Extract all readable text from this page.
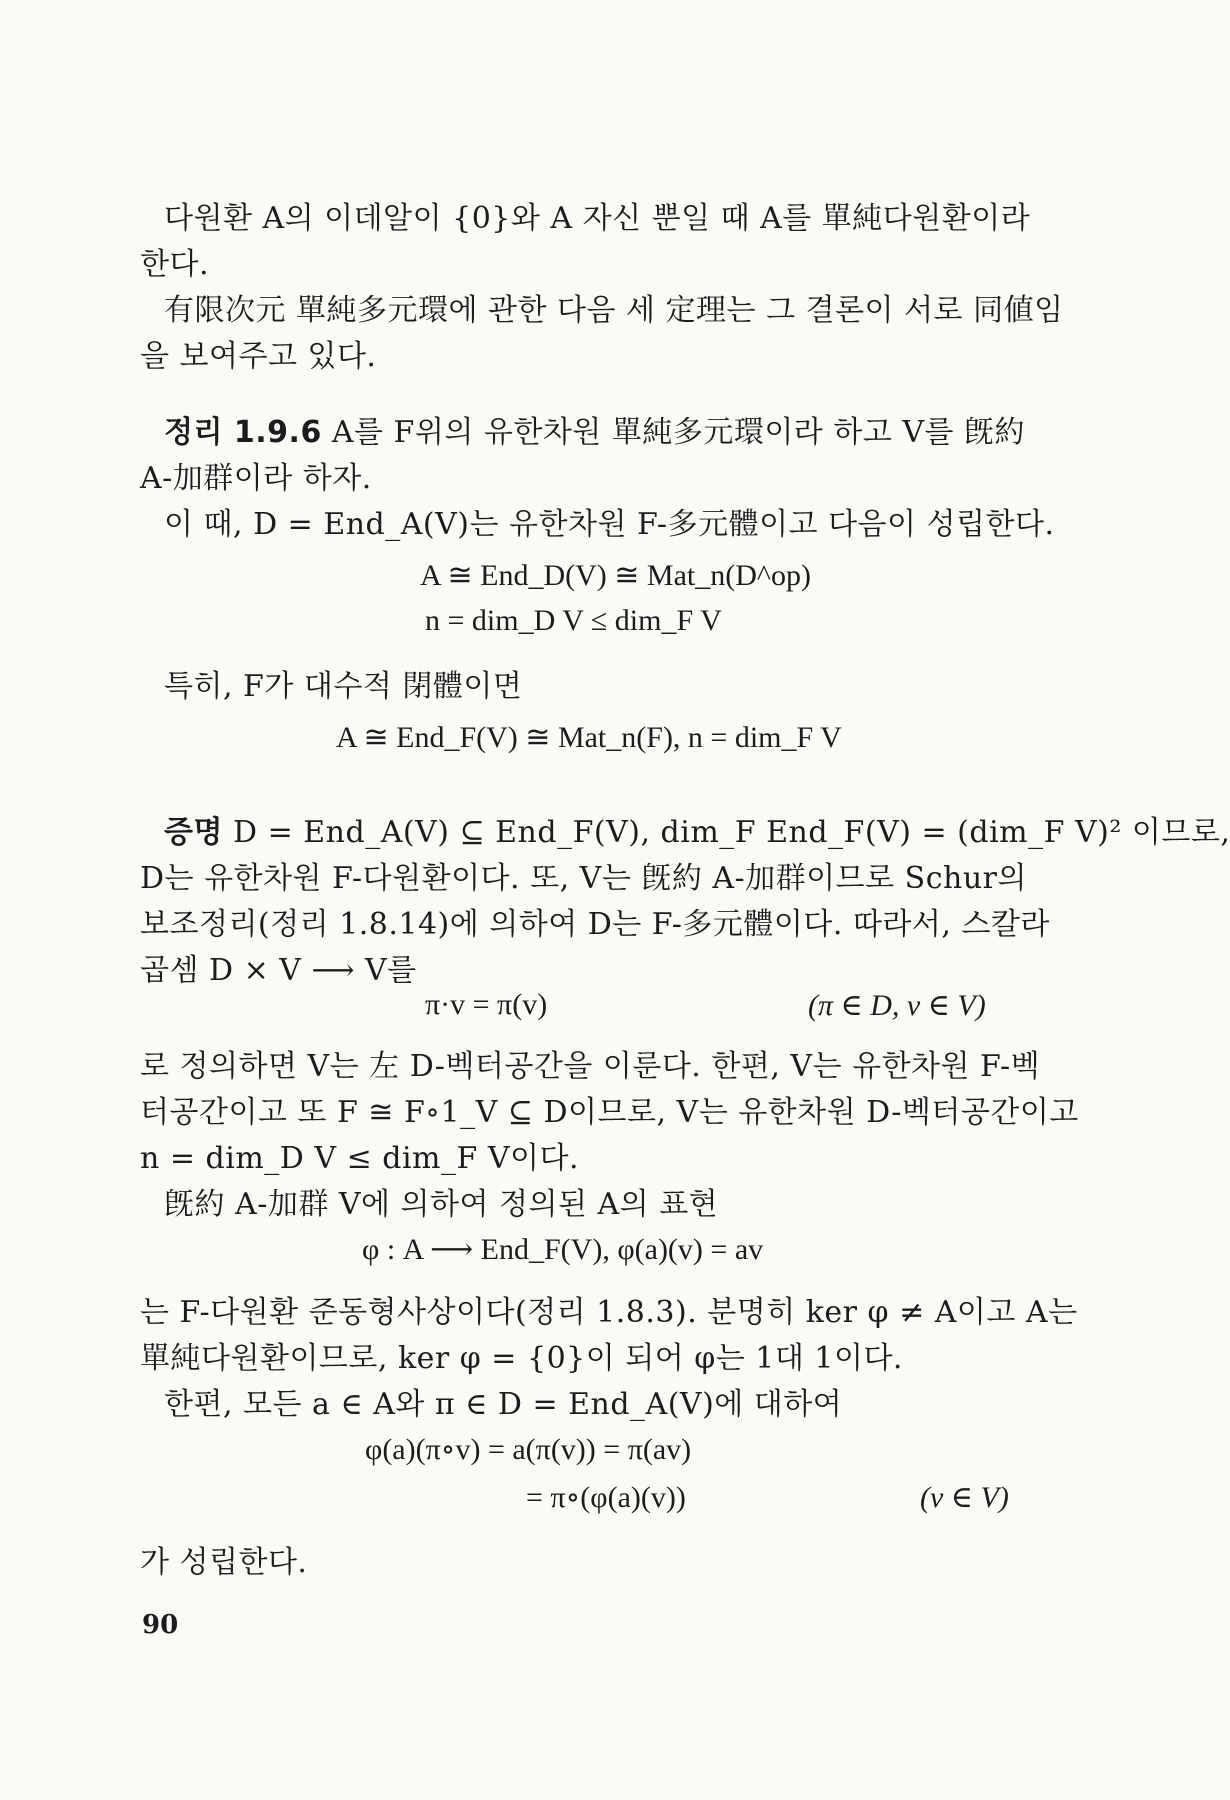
다원환 A의 이데알이 {0}와 A 자신 뿐일 때 A를 單純다원환이라
한다.
有限次元 單純多元環에 관한 다음 세 定理는 그 결론이 서로 同値임
을 보여주고 있다.
정리 1.9.6 A를 F위의 유한차원 單純多元環이라 하고 V를 旣約
A-加群이라 하자.
이 때, D = End_A(V)는 유한차원 F-多元體이고 다음이 성립한다.
A ≅ End_D(V) ≅ Mat_n(D^op)
n = dim_D V ≤ dim_F V
특히, F가 대수적 閉體이면
A ≅ End_F(V) ≅ Mat_n(F), n = dim_F V
증명 D = End_A(V) ⊆ End_F(V), dim_F End_F(V) = (dim_F V)² 이므로,
D는 유한차원 F-다원환이다. 또, V는 旣約 A-加群이므로 Schur의
보조정리(정리 1.8.14)에 의하여 D는 F-多元體이다. 따라서, 스칼라
곱셈 D × V ⟶ V를
π·v = π(v)	(π ∈ D, v ∈ V)
로 정의하면 V는 左 D-벡터공간을 이룬다. 한편, V는 유한차원 F-벡
터공간이고 또 F ≅ F∘1_V ⊆ D이므로, V는 유한차원 D-벡터공간이고
n = dim_D V ≤ dim_F V이다.
旣約 A-加群 V에 의하여 정의된 A의 표현
φ : A ⟶ End_F(V), φ(a)(v) = av
는 F-다원환 준동형사상이다(정리 1.8.3). 분명히 ker φ ≠ A이고 A는
單純다원환이므로, ker φ = {0}이 되어 φ는 1대 1이다.
한편, 모든 a ∈ A와 π ∈ D = End_A(V)에 대하여
φ(a)(π∘v) = a(π(v)) = π(av)
= π∘(φ(a)(v))	(v ∈ V)
가 성립한다.
90
